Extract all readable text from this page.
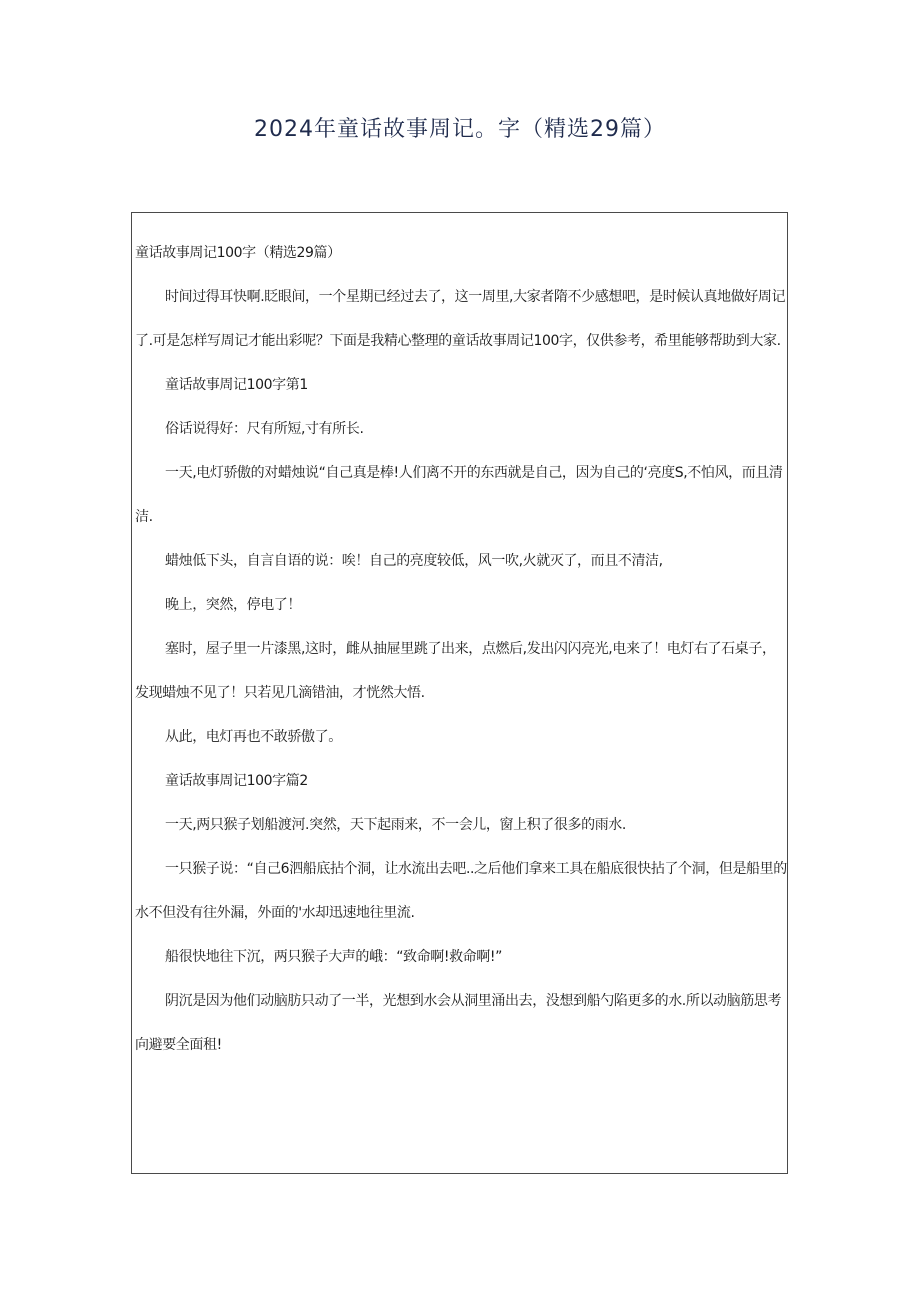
2024年童话故事周记。字（精选29篇）

童话故事周记100字（精选29篇）

时间过得耳快啊.眨眼间，一个星期已经过去了，这一周里,大家者隋不少感想吧，是时候认真地做好周记了.可是怎样写周记才能出彩呢？下面是我精心整理的童话故事周记100字，仅供参考，希里能够帮助到大家.

童话故事周记100字第1

俗话说得好：尺有所短,寸有所长.

一天,电灯骄傲的对蜡烛说“自己真是棒!人们离不开的东西就是自己，因为自己的‘亮度S,不怕风，而且清洁.

蜡烛低下头，自言自语的说：唉！自己的亮度较低，风一吹,火就灭了，而且不清洁,

晚上，突然，停电了！

塞时，屋子里一片漆黑,这时，雌从抽屉里跳了出来，点燃后,发出闪闪亮光,电来了！电灯右了石桌子，发现蜡烛不见了！只若见几滴错油，才恍然大悟.

从此，电灯再也不敢骄傲了。

童话故事周记100字篇2

一天,两只猴子划船渡河.突然，天下起雨来，不一会儿，窗上积了很多的雨水.

一只猴子说：“自己6泗船底拈个洞，让水流出去吧..之后他们拿来工具在船底很快拈了个洞，但是船里的水不但没有往外漏，外面的'水却迅速地往里流.

船很快地往下沉，两只猴子大声的峨：“致命啊!救命啊!”

阴沉是因为他们动脑肪只动了一半，光想到水会从洞里涌出去，没想到船勺陷更多的水.所以动脑筋思考向避要全面租!
